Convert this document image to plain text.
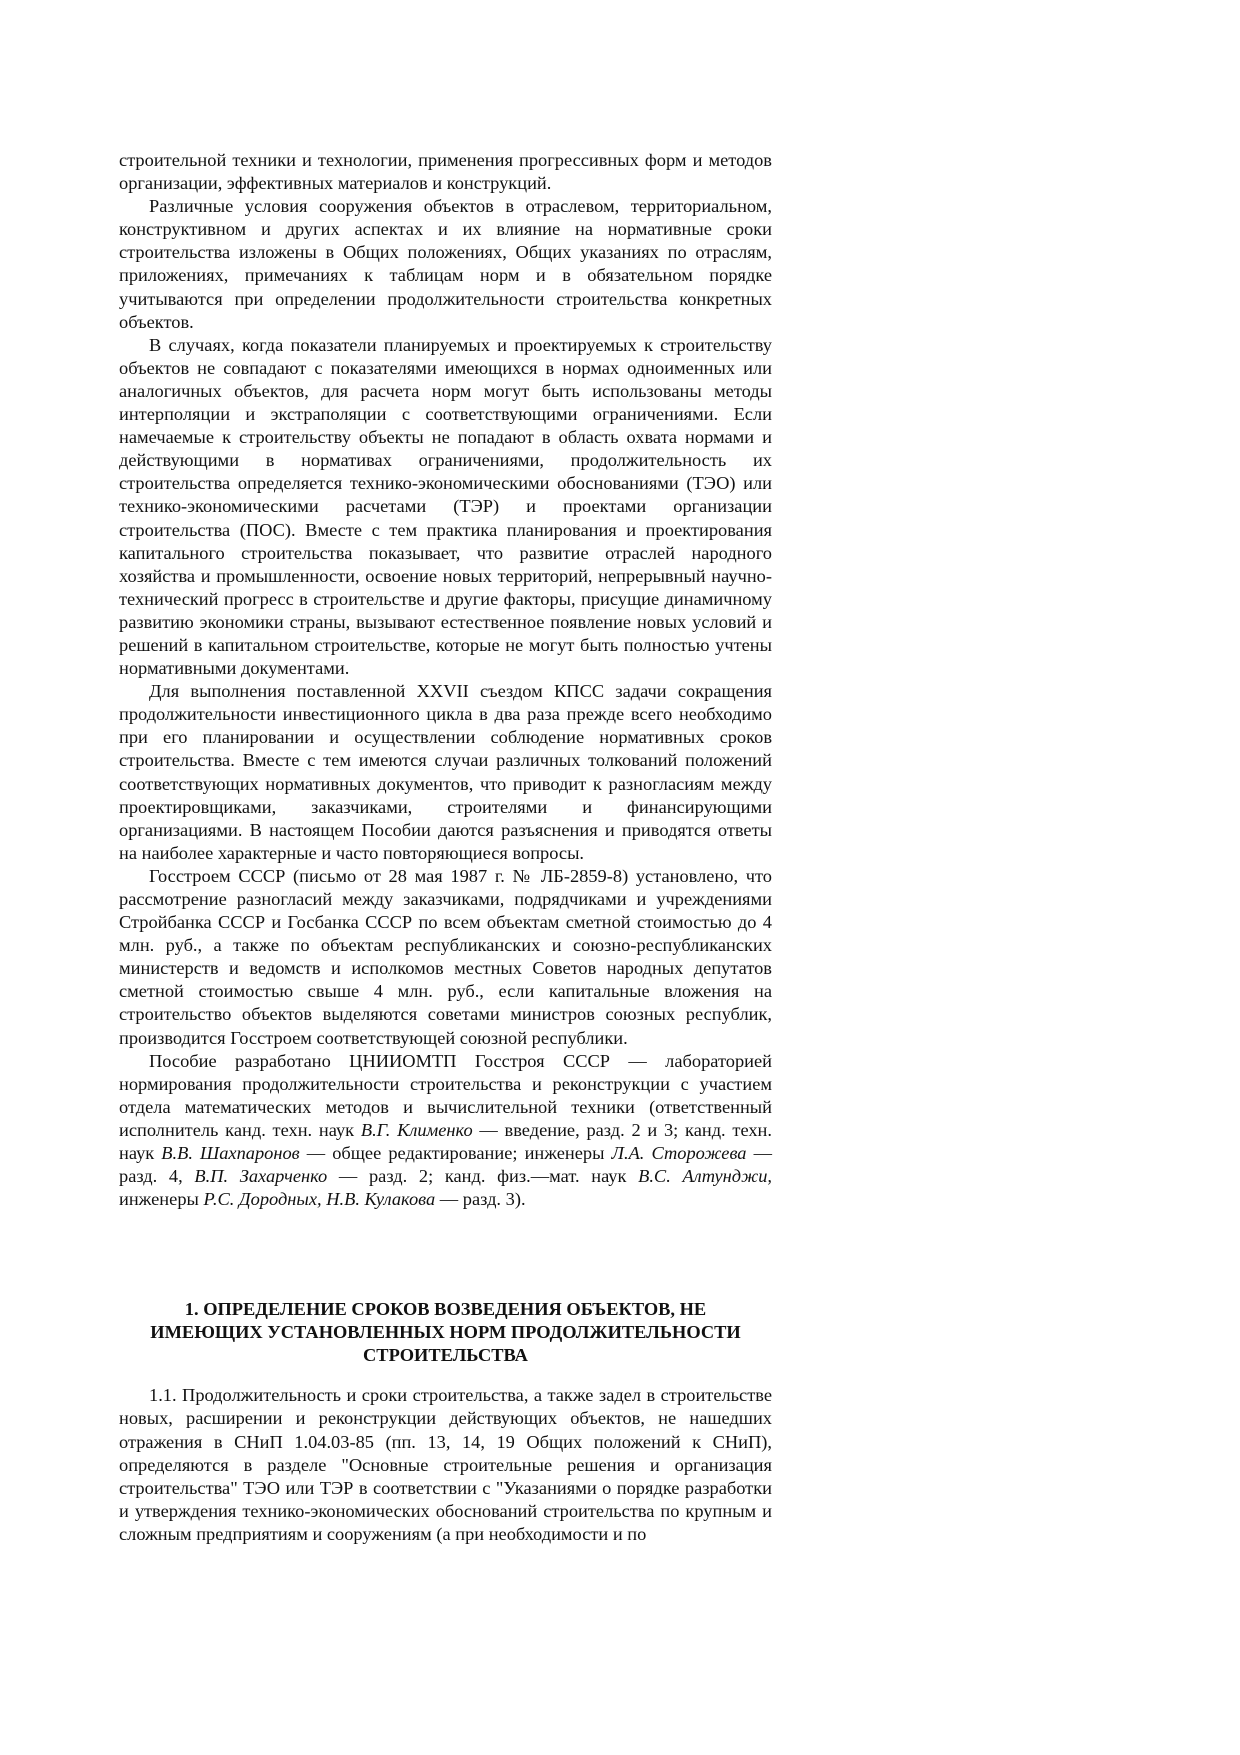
строительной техники и технологии, применения прогрессивных форм и методов организации, эффективных материалов и конструкций.

Различные условия сооружения объектов в отраслевом, территориальном, конструктивном и других аспектах и их влияние на нормативные сроки строительства изложены в Общих положениях, Общих указаниях по отраслям, приложениях, примечаниях к таблицам норм и в обязательном порядке учитываются при определении продолжительности строительства конкретных объектов.

В случаях, когда показатели планируемых и проектируемых к строительству объектов не совпадают с показателями имеющихся в нормах одноименных или аналогичных объектов, для расчета норм могут быть использованы методы интерполяции и экстраполяции с соответствующими ограничениями. Если намечаемые к строительству объекты не попадают в область охвата нормами и действующими в нормативах ограничениями, продолжительность их строительства определяется технико-экономическими обоснованиями (ТЭО) или технико-экономическими расчетами (ТЭР) и проектами организации строительства (ПОС). Вместе с тем практика планирования и проектирования капитального строительства показывает, что развитие отраслей народного хозяйства и промышленности, освоение новых территорий, непрерывный научно-технический прогресс в строительстве и другие факторы, присущие динамичному развитию экономики страны, вызывают естественное появление новых условий и решений в капитальном строительстве, которые не могут быть полностью учтены нормативными документами.

Для выполнения поставленной XXVII съездом КПСС задачи сокращения продолжительности инвестиционного цикла в два раза прежде всего необходимо при его планировании и осуществлении соблюдение нормативных сроков строительства. Вместе с тем имеются случаи различных толкований положений соответствующих нормативных документов, что приводит к разногласиям между проектировщиками, заказчиками, строителями и финансирующими организациями. В настоящем Пособии даются разъяснения и приводятся ответы на наиболее характерные и часто повторяющиеся вопросы.

Госстроем СССР (письмо от 28 мая 1987 г. № ЛБ-2859-8) установлено, что рассмотрение разногласий между заказчиками, подрядчиками и учреждениями Стройбанка СССР и Госбанка СССР по всем объектам сметной стоимостью до 4 млн. руб., а также по объектам республиканских и союзно-республиканских министерств и ведомств и исполкомов местных Советов народных депутатов сметной стоимостью свыше 4 млн. руб., если капитальные вложения на строительство объектов выделяются советами министров союзных республик, производится Госстроем соответствующей союзной республики.

Пособие разработано ЦНИИОМТП Госстроя СССР — лабораторией нормирования продолжительности строительства и реконструкции с участием отдела математических методов и вычислительной техники (ответственный исполнитель канд. техн. наук В.Г. Клименко — введение, разд. 2 и 3; канд. техн. наук В.В. Шахпаронов — общее редактирование; инженеры Л.А. Сторожева — разд. 4, В.П. Захарченко — разд. 2; канд. физ.—мат. наук В.С. Алтунджи, инженеры Р.С. Дородных, Н.В. Кулакова — разд. 3).

1. ОПРЕДЕЛЕНИЕ СРОКОВ ВОЗВЕДЕНИЯ ОБЪЕКТОВ, НЕ ИМЕЮЩИХ УСТАНОВЛЕННЫХ НОРМ ПРОДОЛЖИТЕЛЬНОСТИ СТРОИТЕЛЬСТВА

1.1. Продолжительность и сроки строительства, а также задел в строительстве новых, расширении и реконструкции действующих объектов, не нашедших отражения в СНиП 1.04.03-85 (пп. 13, 14, 19 Общих положений к СНиП), определяются в разделе "Основные строительные решения и организация строительства" ТЭО или ТЭР в соответствии с "Указаниями о порядке разработки и утверждения технико-экономических обоснований строительства по крупным и сложным предприятиям и сооружениям (а при необходимости и по
